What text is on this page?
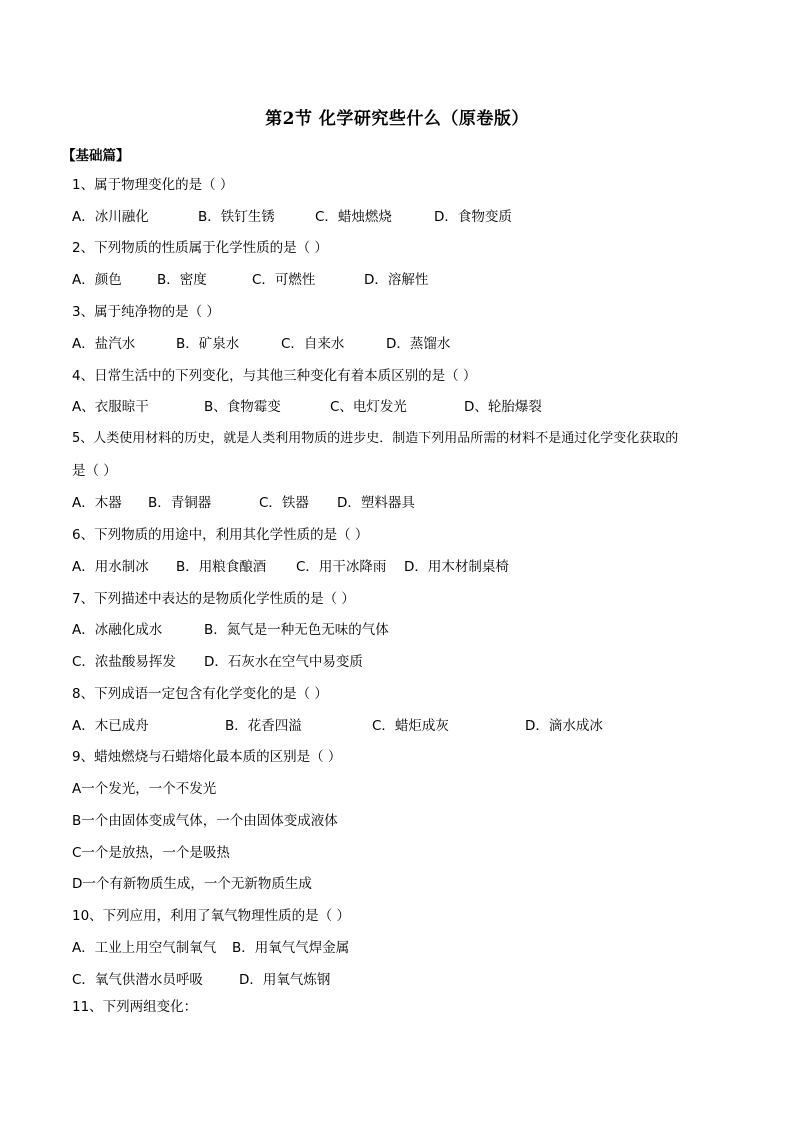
第2节 化学研究些什么（原卷版）
【基础篇】
1、属于物理变化的是（ ）
A．冰川融化	B．铁钉生锈	C．蜡烛燃烧	D．食物变质
2、下列物质的性质属于化学性质的是（ ）
A．颜色	B．密度	C．可燃性	D．溶解性
3、属于纯净物的是（ ）
A．盐汽水	B．矿泉水	C．自来水	D．蒸馏水
4、日常生活中的下列变化，与其他三种变化有着本质区别的是（ ）
A、衣服晾干	B、食物霉变	C、电灯发光	D、轮胎爆裂
5、人类使用材料的历史，就是人类利用物质的进步史．制造下列用品所需的材料不是通过化学变化获取的
是（ ）
A．木器 B．青铜器	C．铁器 D．塑料器具
6、下列物质的用途中，利用其化学性质的是（ ）
A．用水制冰 B．用粮食酿酒 C．用干冰降雨 D．用木材制桌椅
7、下列描述中表达的是物质化学性质的是（ ）
A．冰融化成水	B．氮气是一种无色无味的气体
C．浓盐酸易挥发 D．石灰水在空气中易变质
8、下列成语一定包含有化学变化的是（ ）
A．木已成舟	B．花香四溢	C．蜡炬成灰	D．滴水成冰
9、蜡烛燃烧与石蜡熔化最本质的区别是（ ）
A一个发光，一个不发光
B一个由固体变成气体，一个由固体变成液体
C一个是放热，一个是吸热
D一个有新物质生成，一个无新物质生成
10、下列应用，利用了氧气物理性质的是（ ）
A．工业上用空气制氧气 B．用氧气气焊金属
C．氧气供潜水员呼吸	D．用氧气炼钢
11、下列两组变化：
